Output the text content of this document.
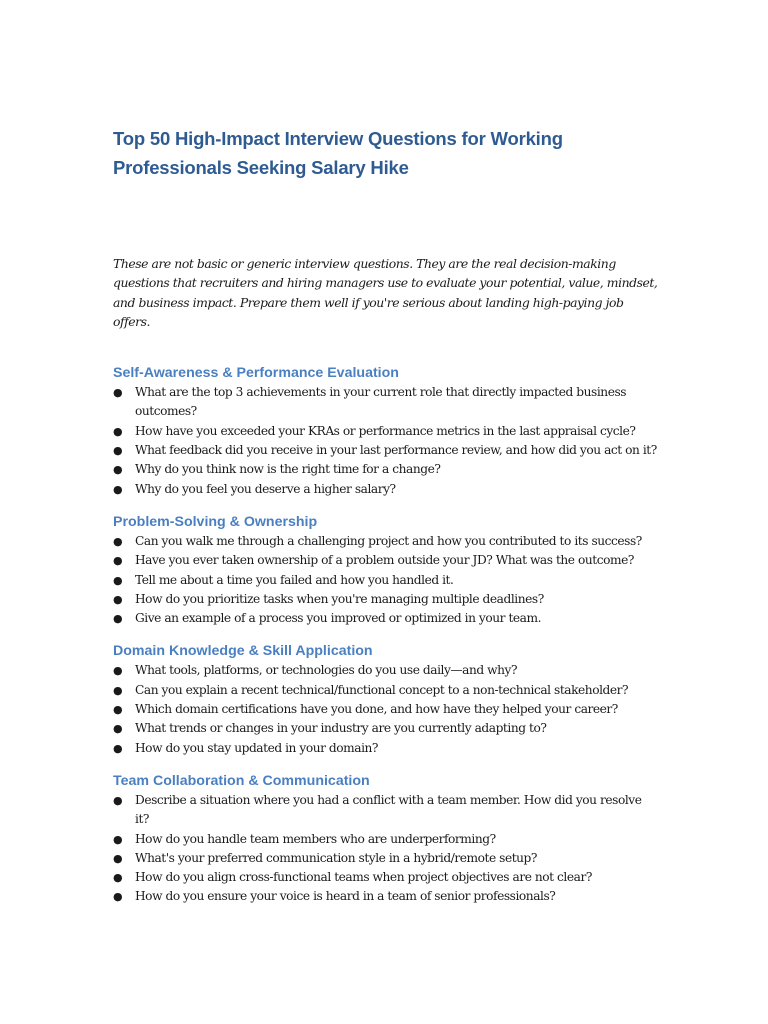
Top 50 High-Impact Interview Questions for Working Professionals Seeking Salary Hike

These are not basic or generic interview questions. They are the real decision-making questions that recruiters and hiring managers use to evaluate your potential, value, mindset, and business impact. Prepare them well if you're serious about landing high-paying job offers.

Self-Awareness & Performance Evaluation
● What are the top 3 achievements in your current role that directly impacted business outcomes?
● How have you exceeded your KRAs or performance metrics in the last appraisal cycle?
● What feedback did you receive in your last performance review, and how did you act on it?
● Why do you think now is the right time for a change?
● Why do you feel you deserve a higher salary?
Problem-Solving & Ownership
● Can you walk me through a challenging project and how you contributed to its success?
● Have you ever taken ownership of a problem outside your JD? What was the outcome?
● Tell me about a time you failed and how you handled it.
● How do you prioritize tasks when you're managing multiple deadlines?
● Give an example of a process you improved or optimized in your team.
Domain Knowledge & Skill Application
● What tools, platforms, or technologies do you use daily—and why?
● Can you explain a recent technical/functional concept to a non-technical stakeholder?
● Which domain certifications have you done, and how have they helped your career?
● What trends or changes in your industry are you currently adapting to?
● How do you stay updated in your domain?
Team Collaboration & Communication
● Describe a situation where you had a conflict with a team member. How did you resolve it?
● How do you handle team members who are underperforming?
● What's your preferred communication style in a hybrid/remote setup?
● How do you align cross-functional teams when project objectives are not clear?
● How do you ensure your voice is heard in a team of senior professionals?
